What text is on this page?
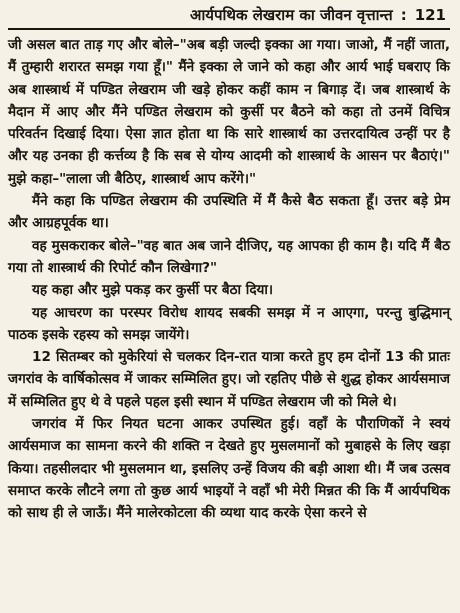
आर्यपथिक लेखराम का जीवन वृत्तान्त : 121

जी असल बात ताड़ गए और बोले–"अब बड़ी जल्दी इक्का आ गया। जाओ, मैं नहीं जाता, मैं तुम्हारी शरारत समझ गया हूँ।" मैंने इक्का ले जाने को कहा और आर्य भाई घबराए कि अब शास्त्रार्थ में पण्डित लेखराम जी खड़े होकर कहीं काम न बिगाड़ दें। जब शास्त्रार्थ के मैदान में आए और मैंने पण्डित लेखराम को कुर्सी पर बैठने को कहा तो उनमें विचित्र परिवर्तन दिखाई दिया। ऐसा ज्ञात होता था कि सारे शास्त्रार्थ का उत्तरदायित्व उन्हीं पर है और यह उनका ही कर्त्तव्य है कि सब से योग्य आदमी को शास्त्रार्थ के आसन पर बैठाएं।" मुझे कहा–"लाला जी बैठिए, शास्त्रार्थ आप करेंगे।"

मैंने कहा कि पण्डित लेखराम की उपस्थिति में मैं कैसे बैठ सकता हूँ। उत्तर बड़े प्रेम और आग्रहपूर्वक था।

वह मुसकराकर बोले–"वह बात अब जाने दीजिए, यह आपका ही काम है। यदि मैं बैठ गया तो शास्त्रार्थ की रिपोर्ट कौन लिखेगा?"

यह कहा और मुझे पकड़ कर कुर्सी पर बैठा दिया।

यह आचरण का परस्पर विरोध शायद सबकी समझ में न आएगा, परन्तु बुद्धिमान् पाठक इसके रहस्य को समझ जायेंगे।

12 सितम्बर को मुकेरियां से चलकर दिन-रात यात्रा करते हुए हम दोनों 13 की प्रातः जगरांव के वार्षिकोत्सव में जाकर सम्मिलित हुए। जो रहतिए पीछे से शुद्ध होकर आर्यसमाज में सम्मिलित हुए थे वे पहले पहल इसी स्थान में पण्डित लेखराम जी को मिले थे।

जगरांव में फिर नियत घटना आकर उपस्थित हुई। वहाँ के पौराणिकों ने स्वयं आर्यसमाज का सामना करने की शक्ति न देखते हुए मुसलमानों को मुबाहसे के लिए खड़ा किया। तहसीलदार भी मुसलमान था, इसलिए उन्हें विजय की बड़ी आशा थी। मैं जब उत्सव समाप्त करके लौटने लगा तो कुछ आर्य भाइयों ने वहाँ भी मेरी मिन्नत की कि मैं आर्यपथिक को साथ ही ले जाऊँ। मैंने मालेरकोटला की व्यथा याद करके ऐसा करने से
